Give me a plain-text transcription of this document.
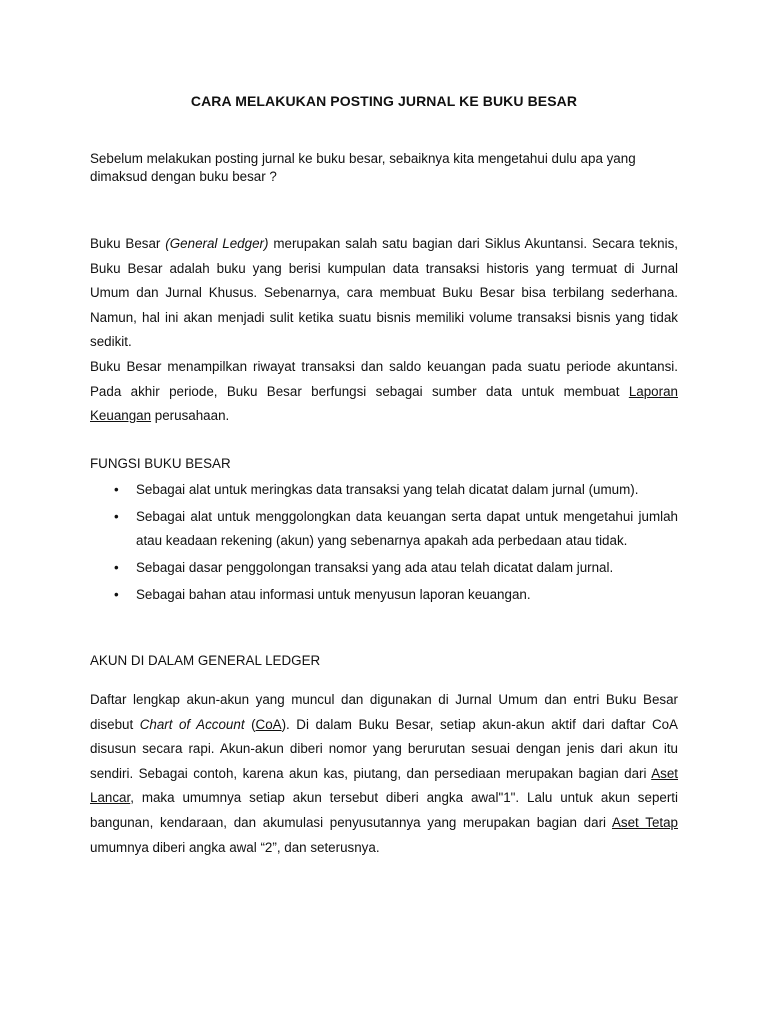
CARA MELAKUKAN POSTING JURNAL KE BUKU BESAR
Sebelum melakukan posting jurnal ke buku besar, sebaiknya kita mengetahui dulu apa yang
dimaksud dengan buku besar ?
Buku Besar (General Ledger) merupakan salah satu bagian dari Siklus Akuntansi. Secara teknis, Buku Besar adalah buku yang berisi kumpulan data transaksi historis yang termuat di Jurnal Umum dan Jurnal Khusus. Sebenarnya, cara membuat Buku Besar bisa terbilang sederhana. Namun, hal ini akan menjadi sulit ketika suatu bisnis memiliki volume transaksi bisnis yang tidak sedikit.
Buku Besar menampilkan riwayat transaksi dan saldo keuangan pada suatu periode akuntansi. Pada akhir periode, Buku Besar berfungsi sebagai sumber data untuk membuat Laporan Keuangan perusahaan.
FUNGSI BUKU BESAR
• Sebagai alat untuk meringkas data transaksi yang telah dicatat dalam jurnal (umum).
• Sebagai alat untuk menggolongkan data keuangan serta dapat untuk mengetahui jumlah atau keadaan rekening (akun) yang sebenarnya apakah ada perbedaan atau tidak.
• Sebagai dasar penggolongan transaksi yang ada atau telah dicatat dalam jurnal.
• Sebagai bahan atau informasi untuk menyusun laporan keuangan.
AKUN DI DALAM GENERAL LEDGER
Daftar lengkap akun-akun yang muncul dan digunakan di Jurnal Umum dan entri Buku Besar disebut Chart of Account (CoA). Di dalam Buku Besar, setiap akun-akun aktif dari daftar CoA disusun secara rapi. Akun-akun diberi nomor yang berurutan sesuai dengan jenis dari akun itu sendiri. Sebagai contoh, karena akun kas, piutang, dan persediaan merupakan bagian dari Aset Lancar, maka umumnya setiap akun tersebut diberi angka awal"1". Lalu untuk akun seperti bangunan, kendaraan, dan akumulasi penyusutannya yang merupakan bagian dari Aset Tetap umumnya diberi angka awal “2”, dan seterusnya.
